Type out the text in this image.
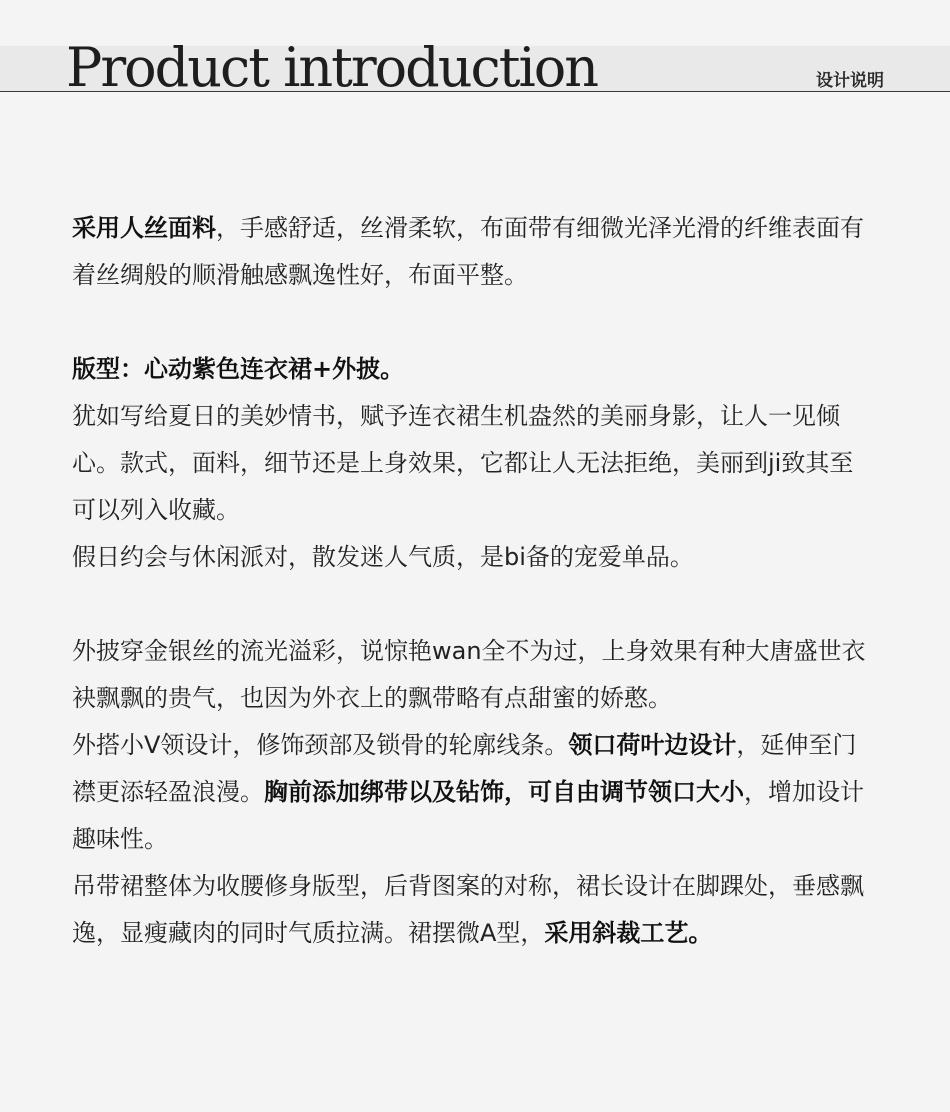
Product introduction	设计说明

采用人丝面料，手感舒适，丝滑柔软，布面带有细微光泽光滑的纤维表面有着丝绸般的顺滑触感飘逸性好，布面平整。

版型：心动紫色连衣裙+外披。

犹如写给夏日的美妙情书，赋予连衣裙生机盎然的美丽身影，让人一见倾心。款式，面料，细节还是上身效果，它都让人无法拒绝，美丽到ji致其至可以列入收藏。

假日约会与休闲派对，散发迷人气质，是bi备的宠爱单品。

外披穿金银丝的流光溢彩，说惊艳wan全不为过，上身效果有种大唐盛世衣袂飘飘的贵气，也因为外衣上的飘带略有点甜蜜的娇憨。

外搭小V领设计，修饰颈部及锁骨的轮廓线条。领口荷叶边设计，延伸至门襟更添轻盈浪漫。胸前添加绑带以及钻饰，可自由调节领口大小，增加设计趣味性。

吊带裙整体为收腰修身版型，后背图案的对称，裙长设计在脚踝处，垂感飘逸，显瘦藏肉的同时气质拉满。裙摆微A型，采用斜裁工艺。
